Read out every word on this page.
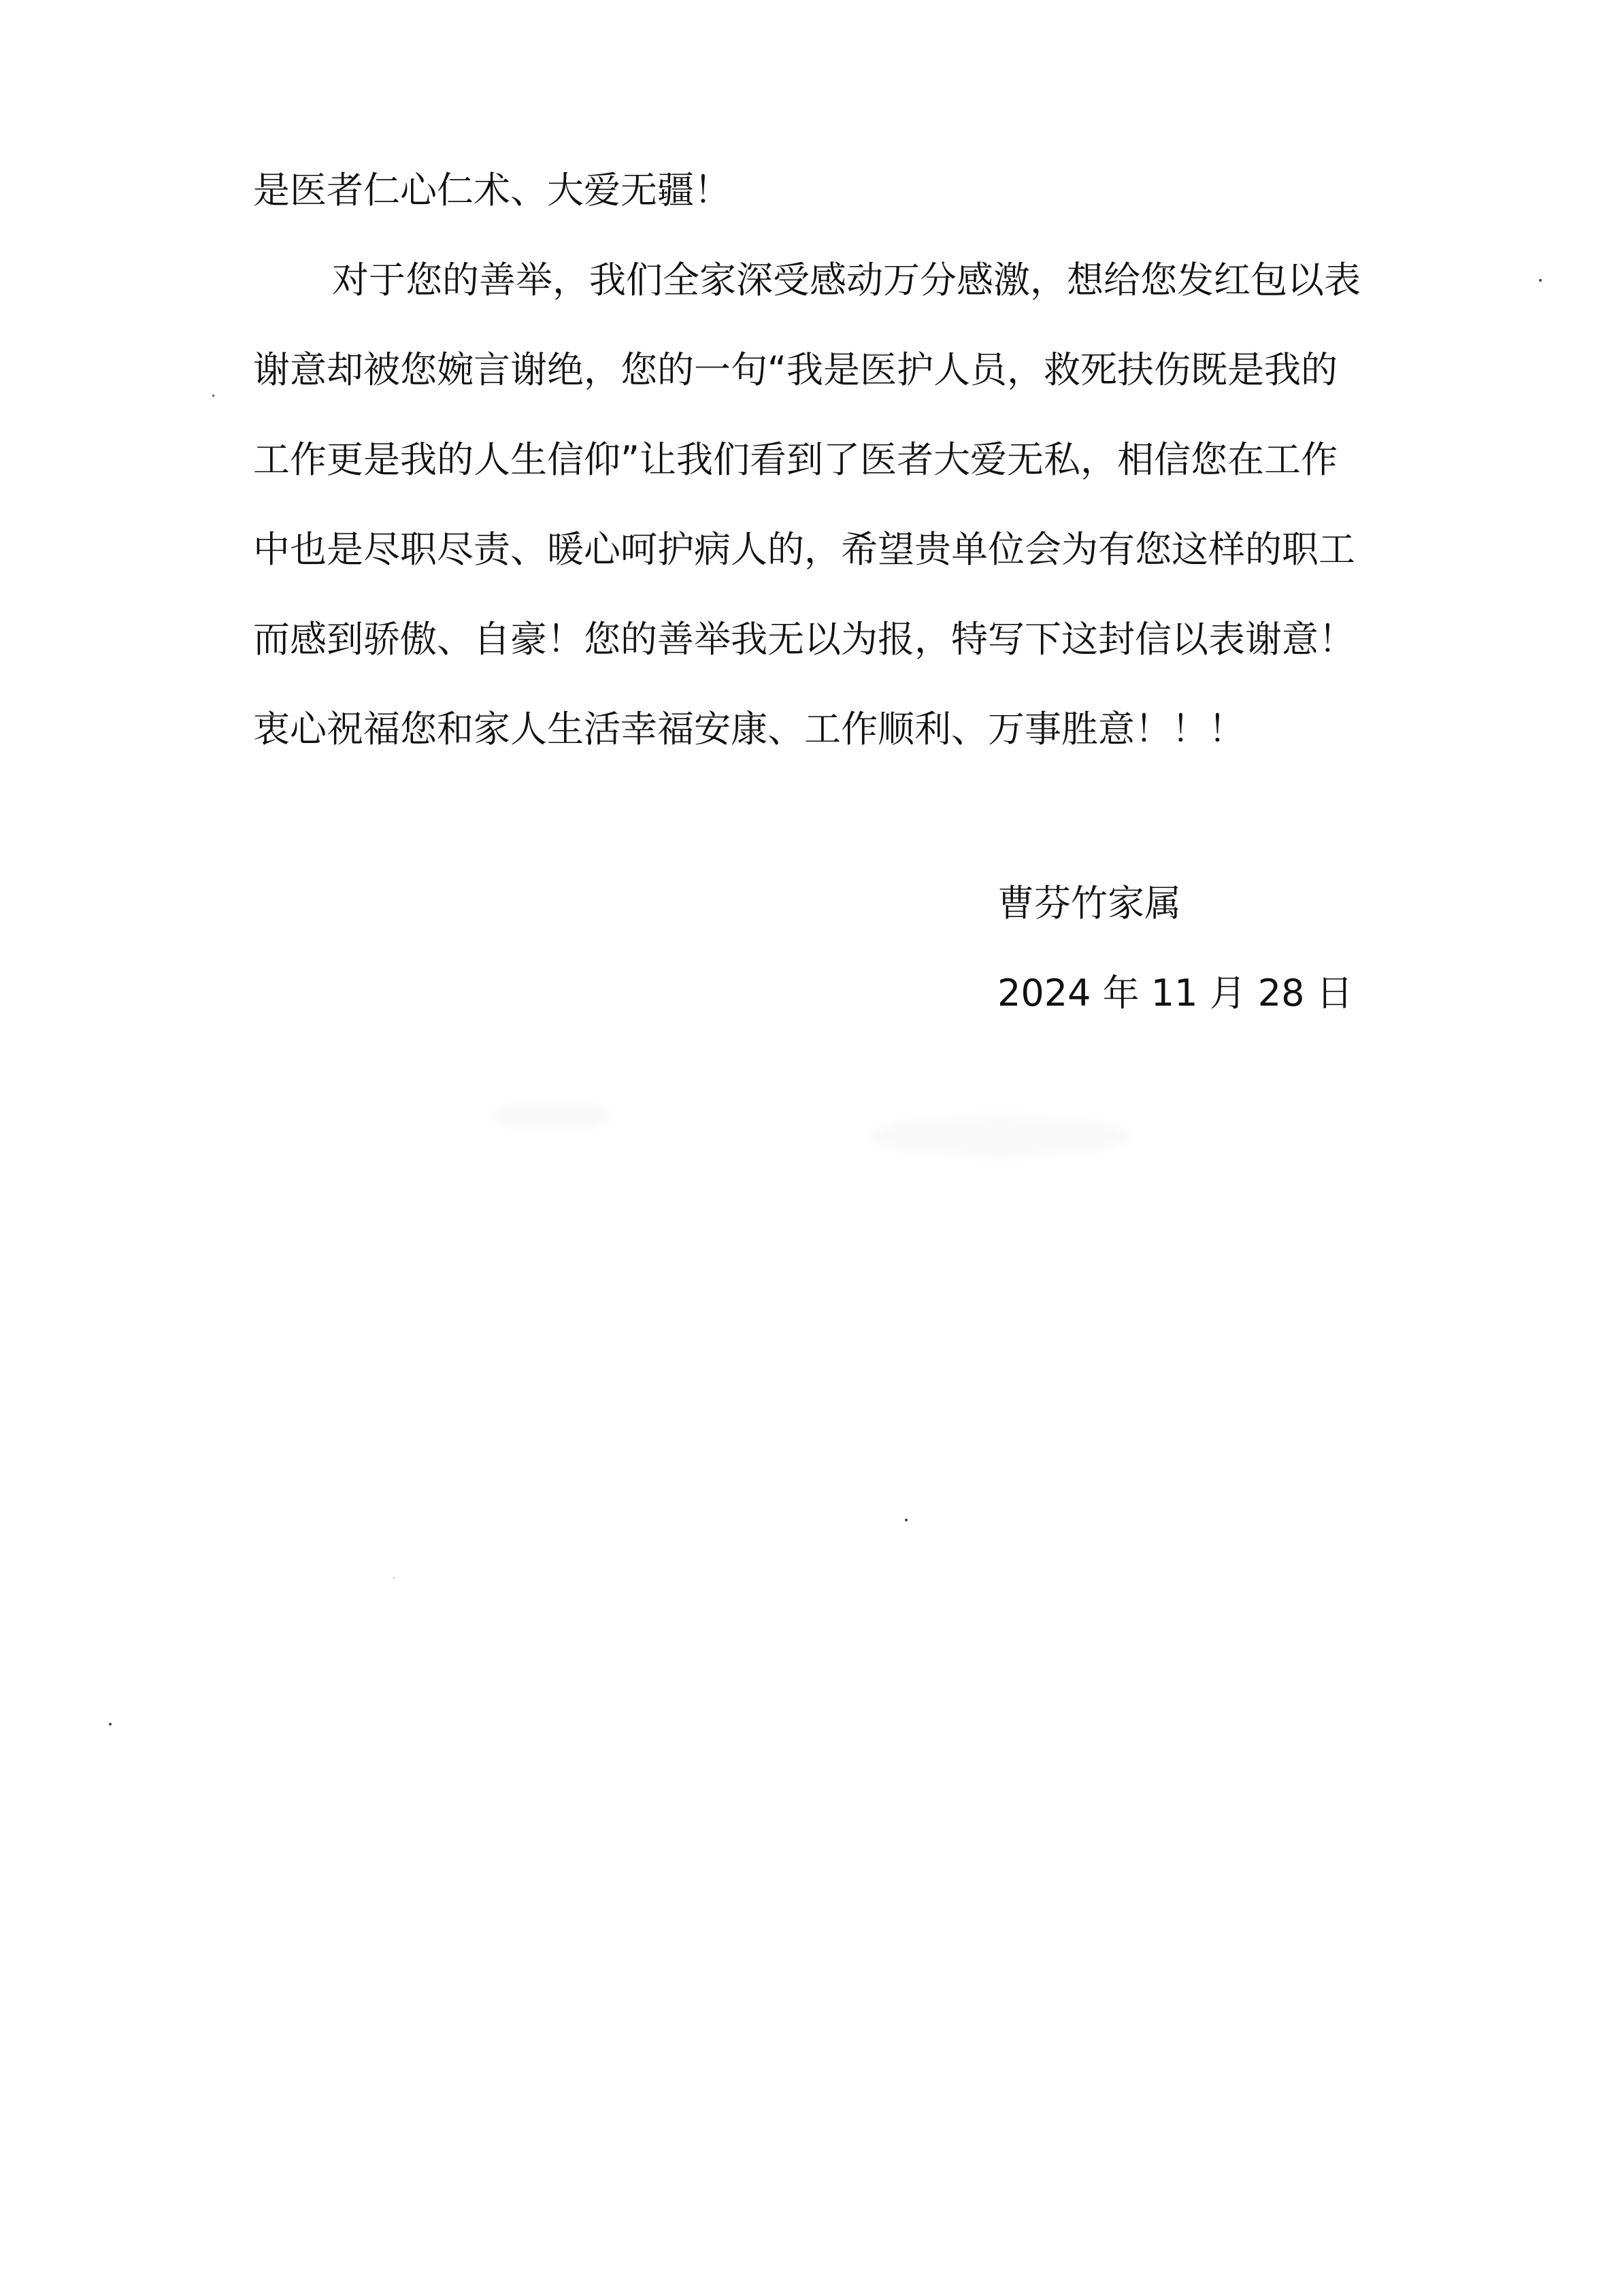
是医者仁心仁术、大爱无疆！
对于您的善举，我们全家深受感动万分感激，想给您发红包以表
谢意却被您婉言谢绝，您的一句“我是医护人员，救死扶伤既是我的
工作更是我的人生信仰”让我们看到了医者大爱无私，相信您在工作
中也是尽职尽责、暖心呵护病人的，希望贵单位会为有您这样的职工
而感到骄傲、自豪！您的善举我无以为报，特写下这封信以表谢意！
衷心祝福您和家人生活幸福安康、工作顺利、万事胜意！！！
曹芬竹家属
2024 年 11 月 28 日
